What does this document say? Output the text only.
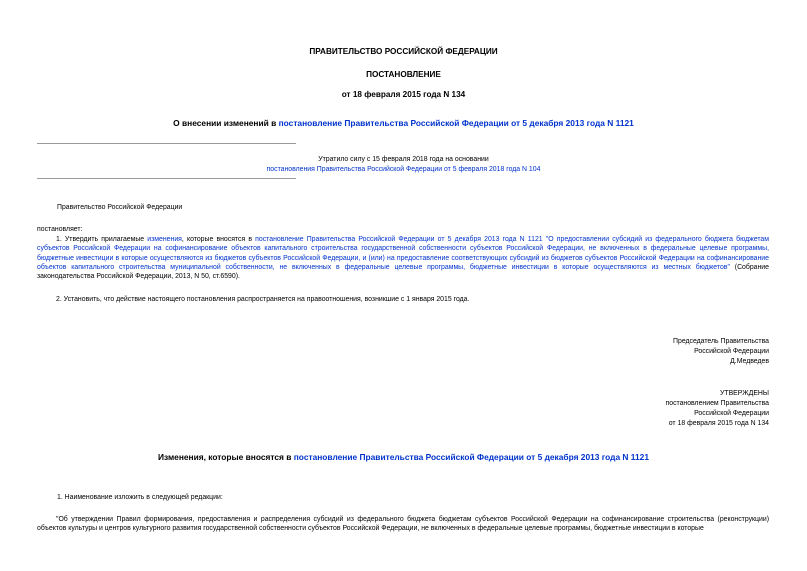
ПРАВИТЕЛЬСТВО РОССИЙСКОЙ ФЕДЕРАЦИИ
ПОСТАНОВЛЕНИЕ
от 18 февраля 2015 года N 134
О внесении изменений в постановление Правительства Российской Федерации от 5 декабря 2013 года N 1121
Утратило силу с 15 февраля 2018 года на основании
постановления Правительства Российской Федерации от 5 февраля 2018 года N 104
Правительство Российской Федерации
постановляет:
1. Утвердить прилагаемые изменения, которые вносятся в постановление Правительства Российской Федерации от 5 декабря 2013 года N 1121 "О предоставлении субсидий из федерального бюджета бюджетам субъектов Российской Федерации на софинансирование объектов капитального строительства государственной собственности субъектов Российской Федерации, не включенных в федеральные целевые программы, бюджетные инвестиции в которые осуществляются из бюджетов субъектов Российской Федерации, и (или) на предоставление соответствующих субсидий из бюджетов субъектов Российской Федерации на софинансирование объектов капитального строительства муниципальной собственности, не включенных в федеральные целевые программы, бюджетные инвестиции в которые осуществляются из местных бюджетов" (Собрание законодательства Российской Федерации, 2013, N 50, ст.6590).
2. Установить, что действие настоящего постановления распространяется на правоотношения, возникшие с 1 января 2015 года.
Председатель Правительства
Российской Федерации
Д.Медведев
УТВЕРЖДЕНЫ
постановлением Правительства
Российской Федерации
от 18 февраля 2015 года N 134
Изменения, которые вносятся в постановление Правительства Российской Федерации от 5 декабря 2013 года N 1121
1. Наименование изложить в следующей редакции:
"Об утверждении Правил формирования, предоставления и распределения субсидий из федерального бюджета бюджетам субъектов Российской Федерации на софинансирование строительства (реконструкции) объектов культуры и центров культурного развития государственной собственности субъектов Российской Федерации, не включенных в федеральные целевые программы, бюджетные инвестиции в которые
